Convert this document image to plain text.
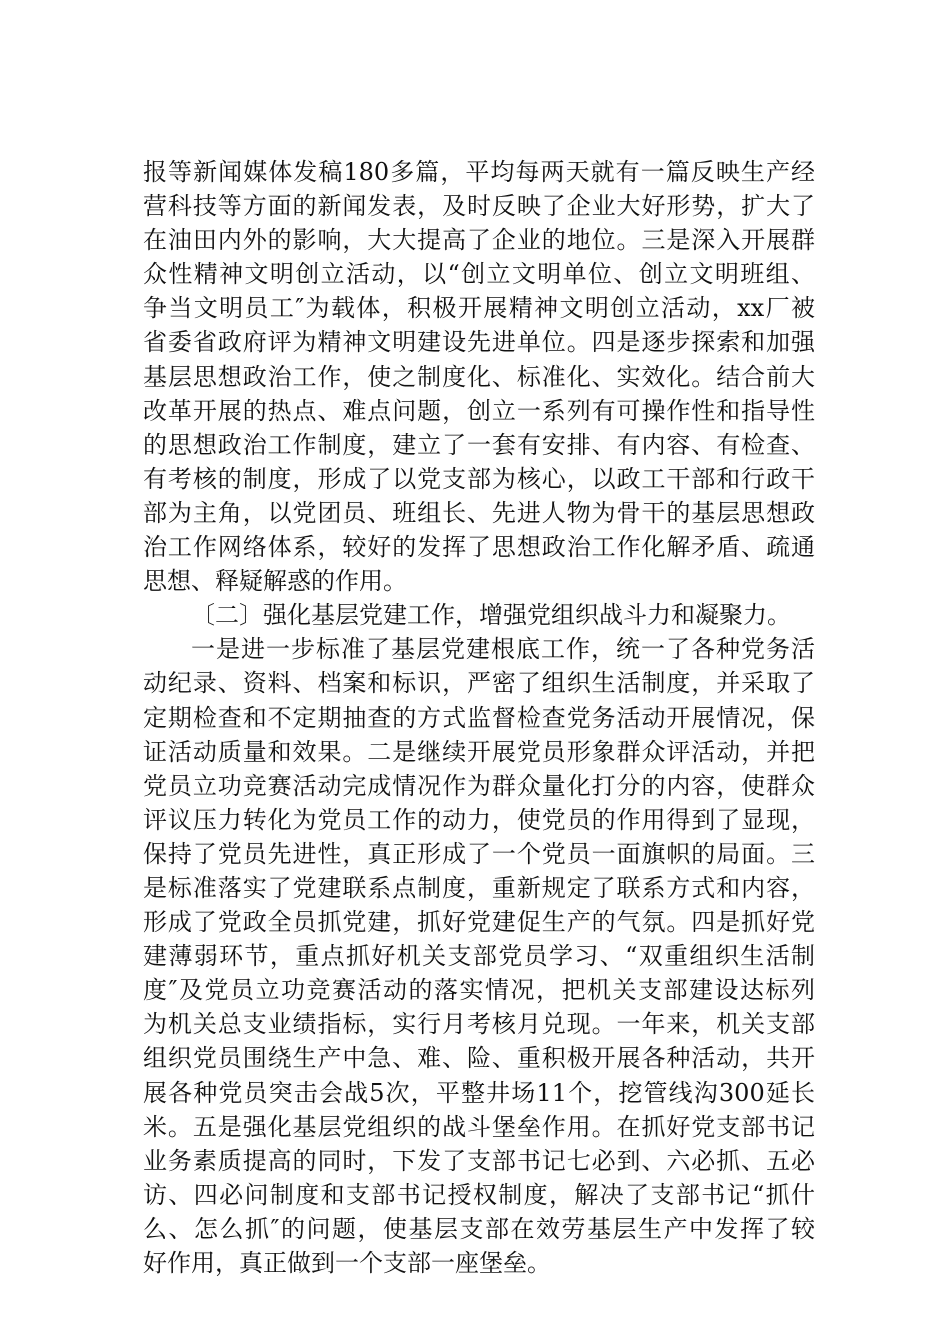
报等新闻媒体发稿180多篇，平均每两天就有一篇反映生产经
营科技等方面的新闻发表，及时反映了企业大好形势，扩大了
在油田内外的影响，大大提高了企业的地位。三是深入开展群
众性精神文明创立活动，以“创立文明单位、创立文明班组、
争当文明员工″为载体，积极开展精神文明创立活动，xx厂被
省委省政府评为精神文明建设先进单位。四是逐步探索和加强
基层思想政治工作，使之制度化、标准化、实效化。结合前大
改革开展的热点、难点问题，创立一系列有可操作性和指导性
的思想政治工作制度，建立了一套有安排、有内容、有检查、
有考核的制度，形成了以党支部为核心，以政工干部和行政干
部为主角，以党团员、班组长、先进人物为骨干的基层思想政
治工作网络体系，较好的发挥了思想政治工作化解矛盾、疏通
思想、释疑解惑的作用。
〔二〕强化基层党建工作，增强党组织战斗力和凝聚力。
一是进一步标准了基层党建根底工作，统一了各种党务活
动纪录、资料、档案和标识，严密了组织生活制度，并采取了
定期检查和不定期抽查的方式监督检查党务活动开展情况，保
证活动质量和效果。二是继续开展党员形象群众评活动，并把
党员立功竞赛活动完成情况作为群众量化打分的内容，使群众
评议压力转化为党员工作的动力，使党员的作用得到了显现，
保持了党员先进性，真正形成了一个党员一面旗帜的局面。三
是标准落实了党建联系点制度，重新规定了联系方式和内容，
形成了党政全员抓党建，抓好党建促生产的气氛。四是抓好党
建薄弱环节，重点抓好机关支部党员学习、“双重组织生活制
度″及党员立功竞赛活动的落实情况，把机关支部建设达标列
为机关总支业绩指标，实行月考核月兑现。一年来，机关支部
组织党员围绕生产中急、难、险、重积极开展各种活动，共开
展各种党员突击会战5次，平整井场11个，挖管线沟300延长
米。五是强化基层党组织的战斗堡垒作用。在抓好党支部书记
业务素质提高的同时，下发了支部书记七必到、六必抓、五必
访、四必问制度和支部书记授权制度，解决了支部书记“抓什
么、怎么抓″的问题，使基层支部在效劳基层生产中发挥了较
好作用，真正做到一个支部一座堡垒。
